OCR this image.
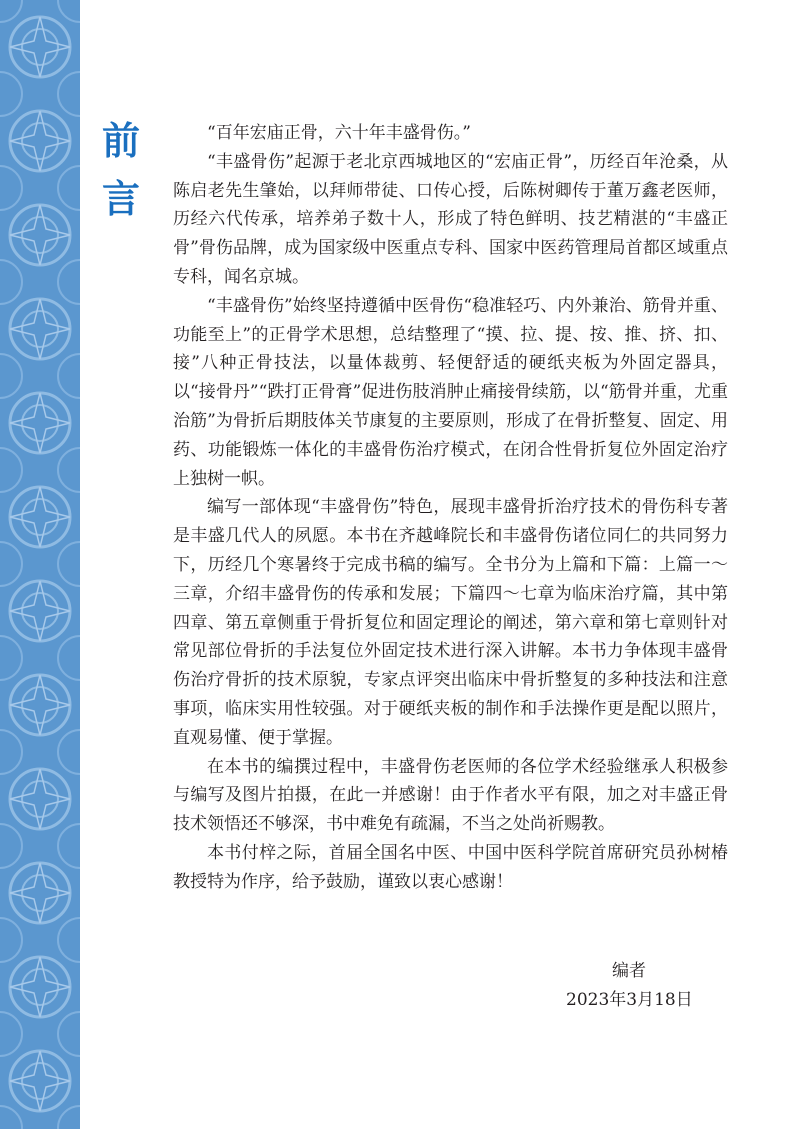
前
言

“百年宏庙正骨，六十年丰盛骨伤。”

“丰盛骨伤”起源于老北京西城地区的“宏庙正骨”，历经百年沧桑，从陈启老先生肇始，以拜师带徒、口传心授，后陈树卿传于董万鑫老医师，历经六代传承，培养弟子数十人，形成了特色鲜明、技艺精湛的“丰盛正骨”骨伤品牌，成为国家级中医重点专科、国家中医药管理局首都区域重点专科，闻名京城。

“丰盛骨伤”始终坚持遵循中医骨伤“稳准轻巧、内外兼治、筋骨并重、功能至上”的正骨学术思想，总结整理了“摸、拉、提、按、推、挤、扣、接”八种正骨技法，以量体裁剪、轻便舒适的硬纸夹板为外固定器具，以“接骨丹”“跌打正骨膏”促进伤肢消肿止痛接骨续筋，以“筋骨并重，尤重治筋”为骨折后期肢体关节康复的主要原则，形成了在骨折整复、固定、用药、功能锻炼一体化的丰盛骨伤治疗模式，在闭合性骨折复位外固定治疗上独树一帜。

编写一部体现“丰盛骨伤”特色，展现丰盛骨折治疗技术的骨伤科专著是丰盛几代人的夙愿。本书在齐越峰院长和丰盛骨伤诸位同仁的共同努力下，历经几个寒暑终于完成书稿的编写。全书分为上篇和下篇：上篇一～三章，介绍丰盛骨伤的传承和发展；下篇四～七章为临床治疗篇，其中第四章、第五章侧重于骨折复位和固定理论的阐述，第六章和第七章则针对常见部位骨折的手法复位外固定技术进行深入讲解。本书力争体现丰盛骨伤治疗骨折的技术原貌，专家点评突出临床中骨折整复的多种技法和注意事项，临床实用性较强。对于硬纸夹板的制作和手法操作更是配以照片，直观易懂、便于掌握。

在本书的编撰过程中，丰盛骨伤老医师的各位学术经验继承人积极参与编写及图片拍摄，在此一并感谢！由于作者水平有限，加之对丰盛正骨技术领悟还不够深，书中难免有疏漏，不当之处尚祈赐教。

本书付梓之际，首届全国名中医、中国中医科学院首席研究员孙树椿教授特为作序，给予鼓励，谨致以衷心感谢！

编者
2023年3月18日
